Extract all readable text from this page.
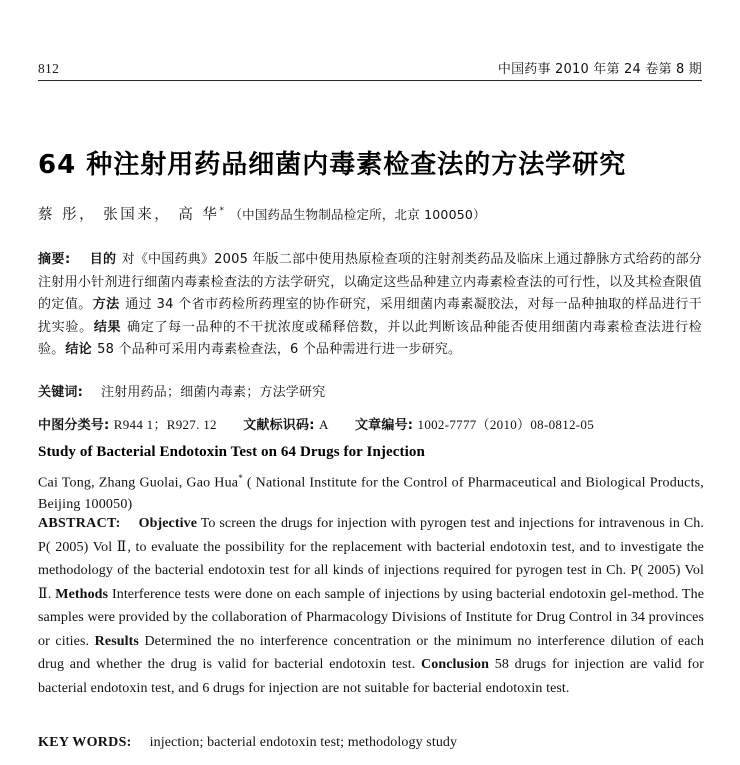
812	中国药事 2010 年第 24 卷第 8 期
64 种注射用药品细菌内毒素检查法的方法学研究
蔡 彤， 张国来， 高 华* （中国药品生物制品检定所，北京 100050）
摘要: 目的 对《中国药典》2005 年版二部中使用热原检查项的注射剂类药品及临床上通过静脉方式给药的部分注射用小针剂进行细菌内毒素检查法的方法学研究，以确定这些品种建立内毒素检查法的可行性，以及其检查限值的定值。方法 通过 34 个省市药检所药理室的协作研究，采用细菌内毒素凝胶法，对每一品种抽取的样品进行干扰实验。结果 确定了每一品种的不干扰浓度或稀释倍数，并以此判断该品种能否使用细菌内毒素检查法进行检验。结论 58 个品种可采用内毒素检查法，6 个品种需进行进一步研究。
关键词: 注射用药品；细菌内毒素；方法学研究
中图分类号: R944 1；R927. 12 文献标识码: A 文章编号: 1002-7777（2010）08-0812-05
Study of Bacterial Endotoxin Test on 64 Drugs for Injection
Cai Tong, Zhang Guolai, Gao Hua* ( National Institute for the Control of Pharmaceutical and Biological Products, Beijing 100050)
ABSTRACT: Objective To screen the drugs for injection with pyrogen test and injections for intravenous in Ch. P( 2005) Vol Ⅱ, to evaluate the possibility for the replacement with bacterial endotoxin test, and to investigate the methodology of the bacterial endotoxin test for all kinds of injections required for pyrogen test in Ch. P( 2005) Vol Ⅱ. Methods Interference tests were done on each sample of injections by using bacterial endotoxin gel-method. The samples were provided by the collaboration of Pharmacology Divisions of Institute for Drug Control in 34 provinces or cities. Results Determined the no interference concentration or the minimum no interference dilution of each drug and whether the drug is valid for bacterial endotoxin test. Conclusion 58 drugs for injection are valid for bacterial endotoxin test, and 6 drugs for injection are not suitable for bacterial endotoxin test.
KEY WORDS: injection; bacterial endotoxin test; methodology study
